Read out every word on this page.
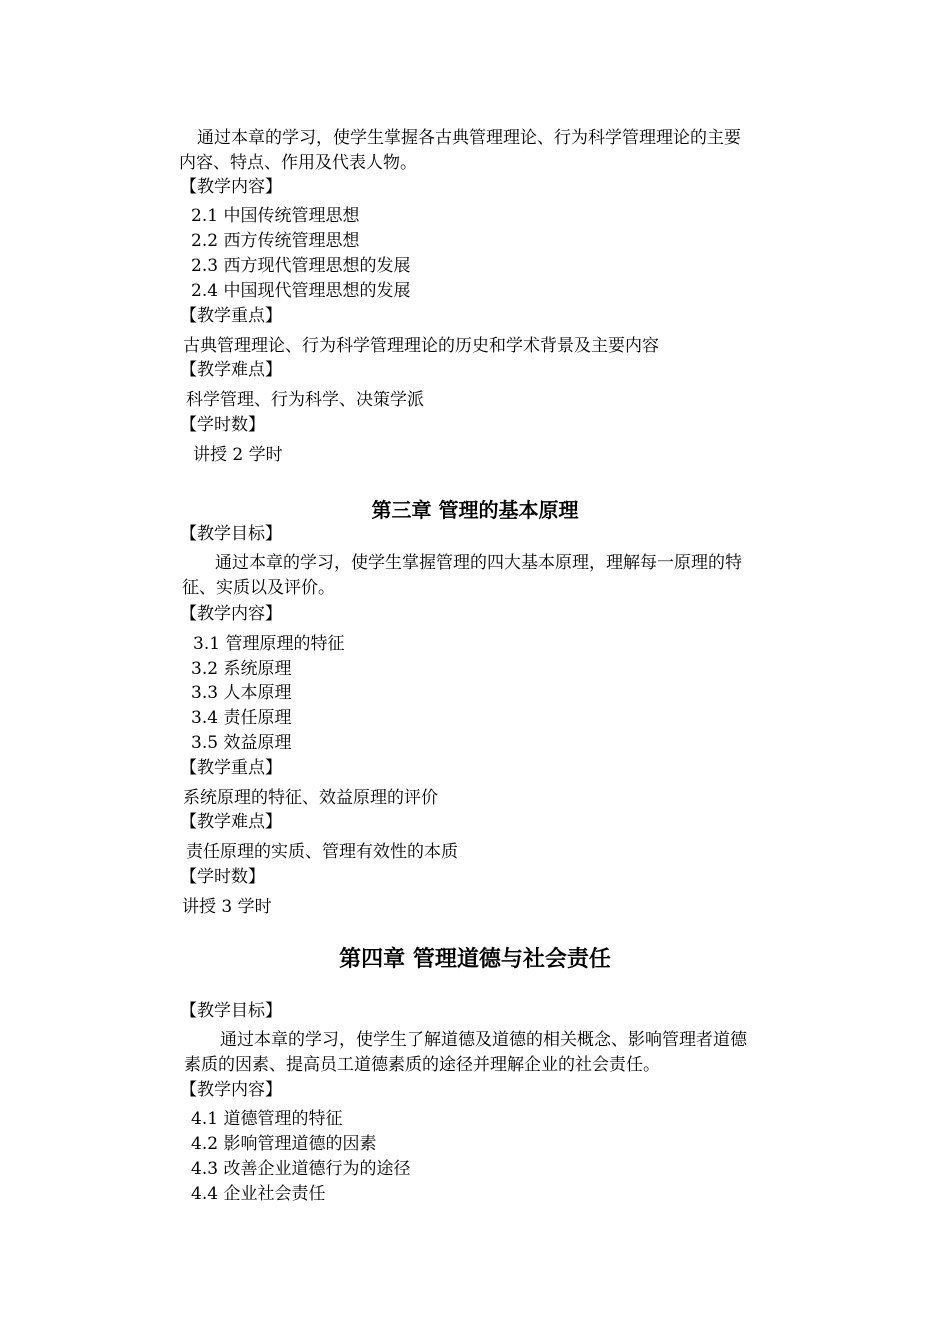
通过本章的学习，使学生掌握各古典管理理论、行为科学管理理论的主要
内容、特点、作用及代表人物。
【教学内容】
2.1 中国传统管理思想
2.2 西方传统管理思想
2.3 西方现代管理思想的发展
2.4 中国现代管理思想的发展
【教学重点】
古典管理理论、行为科学管理理论的历史和学术背景及主要内容
【教学难点】
科学管理、行为科学、决策学派
【学时数】
讲授 2 学时
第三章 管理的基本原理
【教学目标】
通过本章的学习，使学生掌握管理的四大基本原理，理解每一原理的特
征、实质以及评价。
【教学内容】
3.1 管理原理的特征
3.2 系统原理
3.3 人本原理
3.4 责任原理
3.5 效益原理
【教学重点】
系统原理的特征、效益原理的评价
【教学难点】
责任原理的实质、管理有效性的本质
【学时数】
讲授 3 学时
第四章 管理道德与社会责任
【教学目标】
通过本章的学习，使学生了解道德及道德的相关概念、影响管理者道德
素质的因素、提高员工道德素质的途径并理解企业的社会责任。
【教学内容】
4.1 道德管理的特征
4.2 影响管理道德的因素
4.3 改善企业道德行为的途径
4.4 企业社会责任
